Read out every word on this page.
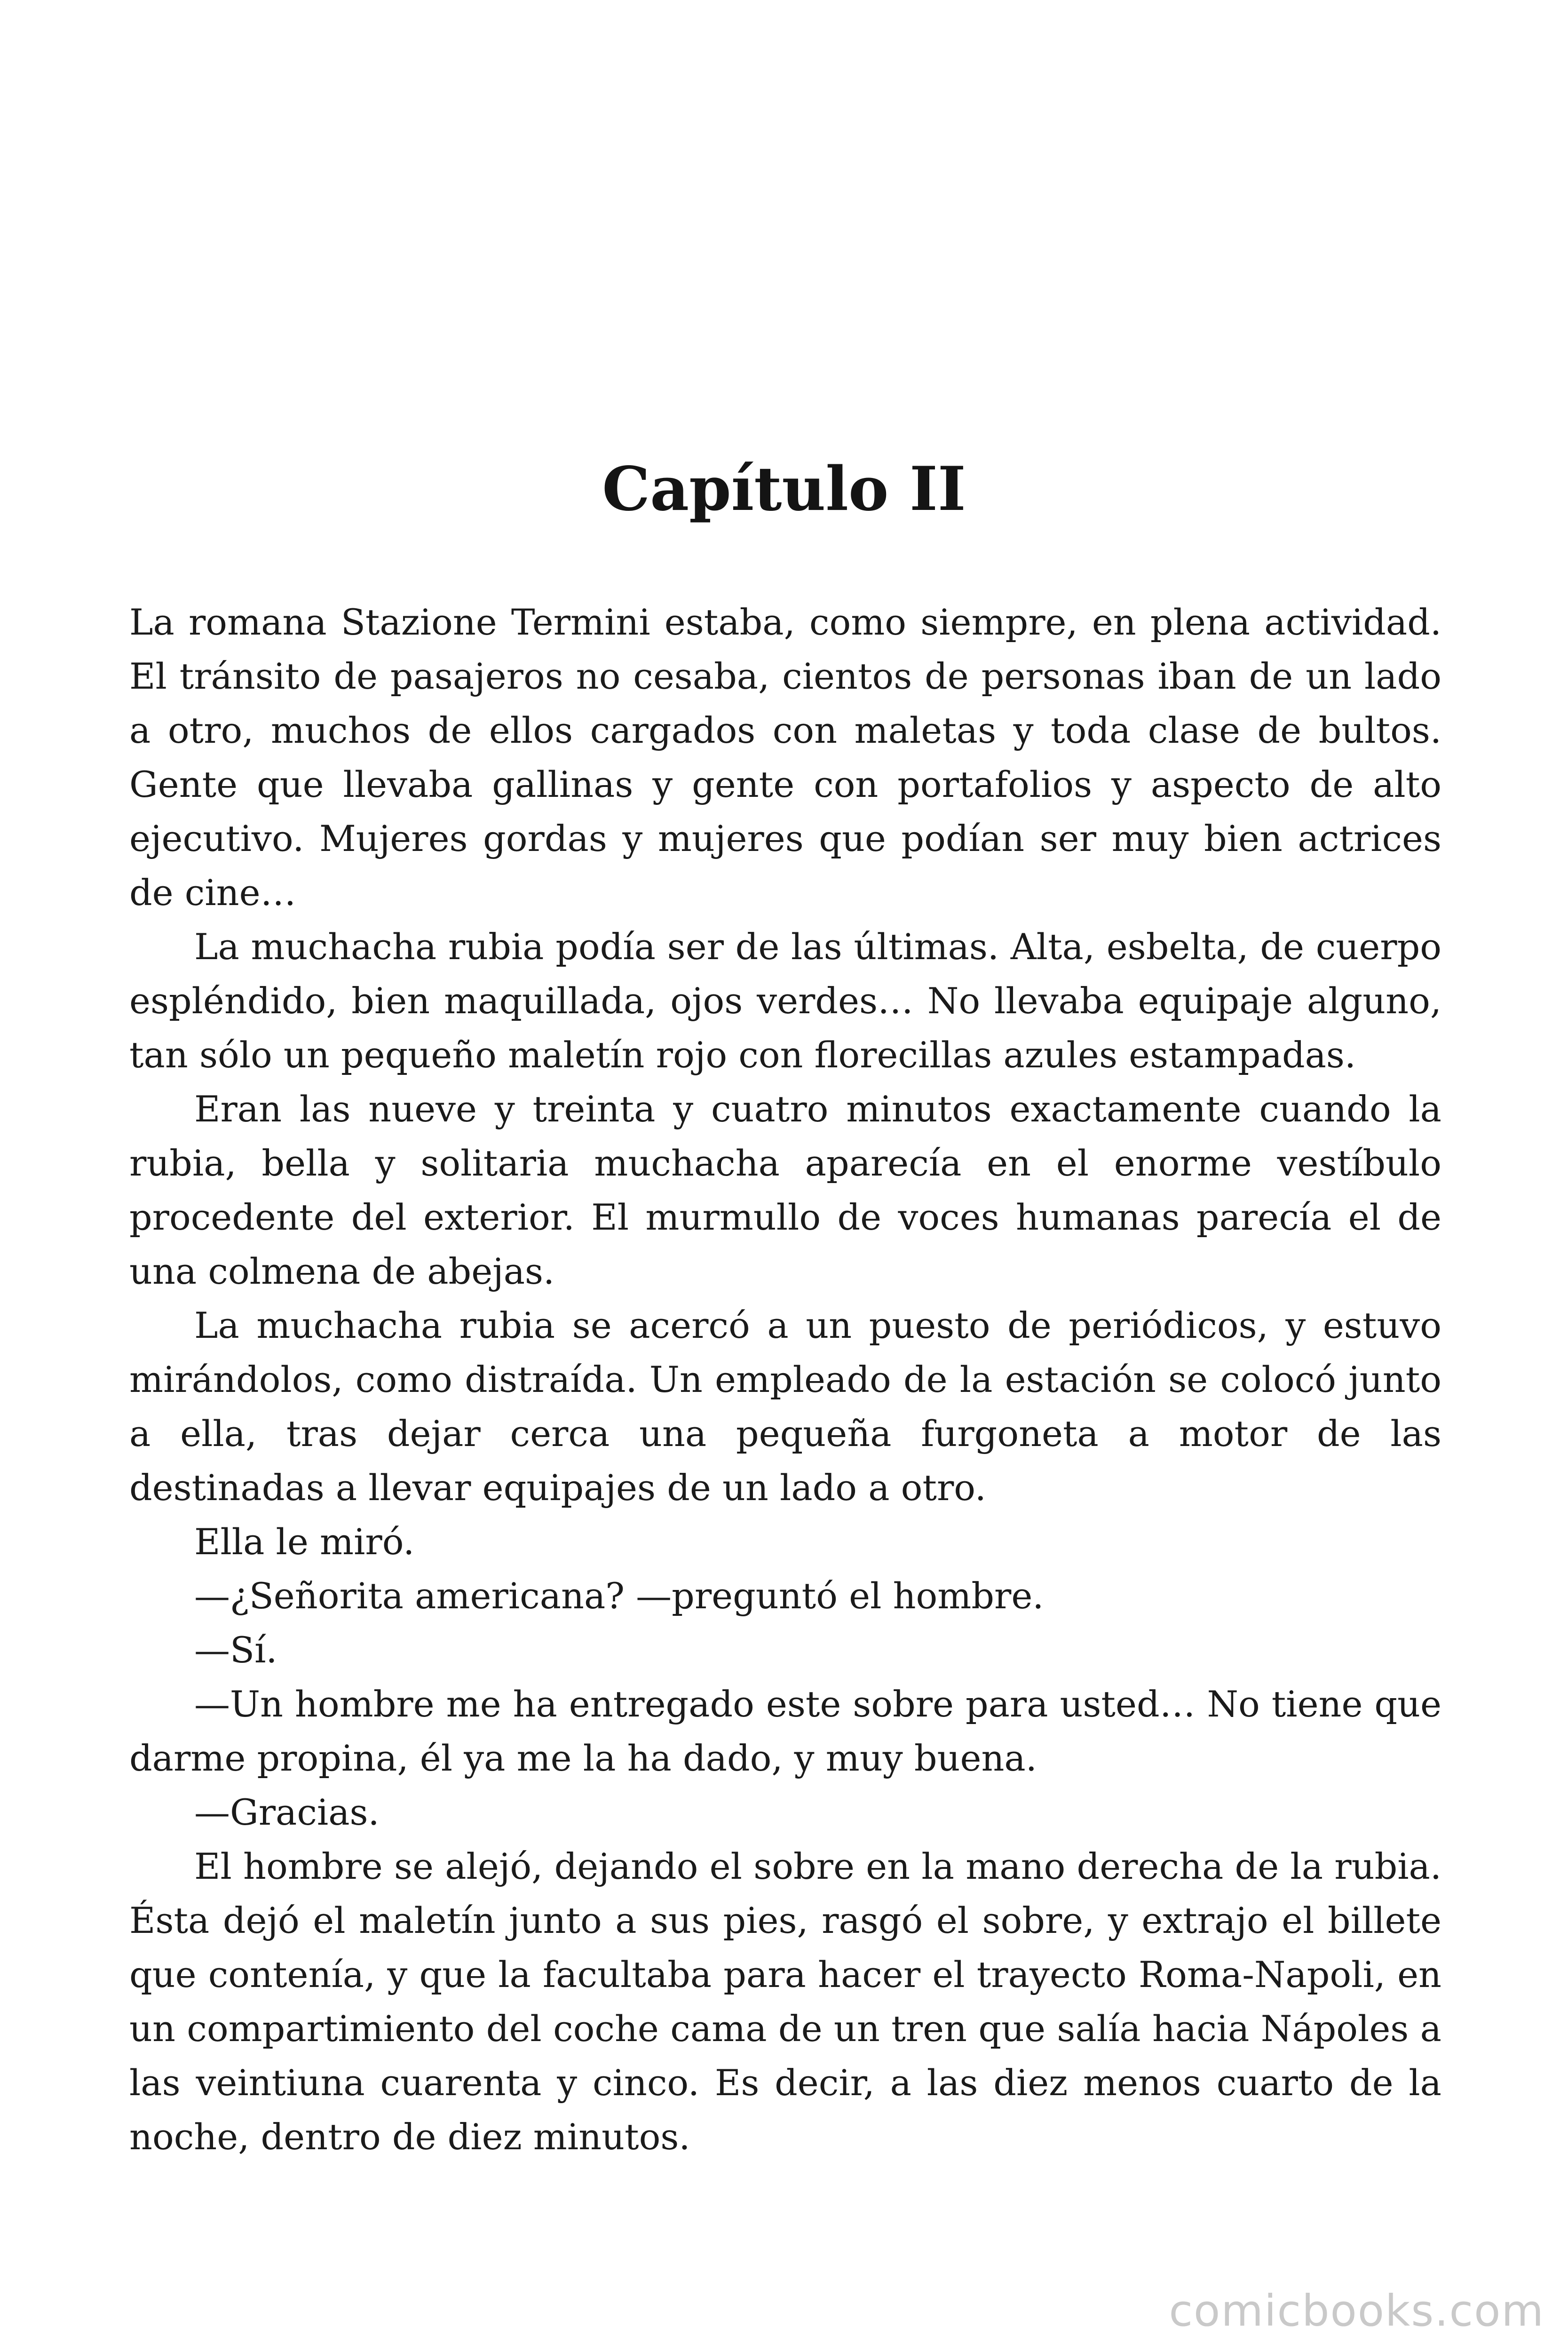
Capítulo II

La romana Stazione Termini estaba, como siempre, en plena actividad. El tránsito de pasajeros no cesaba, cientos de personas iban de un lado a otro, muchos de ellos cargados con maletas y toda clase de bultos. Gente que llevaba gallinas y gente con portafolios y aspecto de alto ejecutivo. Mujeres gordas y mujeres que podían ser muy bien actrices de cine…

La muchacha rubia podía ser de las últimas. Alta, esbelta, de cuerpo espléndido, bien maquillada, ojos verdes… No llevaba equipaje alguno, tan sólo un pequeño maletín rojo con florecillas azules estampadas.

Eran las nueve y treinta y cuatro minutos exactamente cuando la rubia, bella y solitaria muchacha aparecía en el enorme vestíbulo procedente del exterior. El murmullo de voces humanas parecía el de una colmena de abejas.

La muchacha rubia se acercó a un puesto de periódicos, y estuvo mirándolos, como distraída. Un empleado de la estación se colocó junto a ella, tras dejar cerca una pequeña furgoneta a motor de las destinadas a llevar equipajes de un lado a otro.

Ella le miró.

—¿Señorita americana? —preguntó el hombre.

—Sí.

—Un hombre me ha entregado este sobre para usted… No tiene que darme propina, él ya me la ha dado, y muy buena.

—Gracias.

El hombre se alejó, dejando el sobre en la mano derecha de la rubia. Ésta dejó el maletín junto a sus pies, rasgó el sobre, y extrajo el billete que contenía, y que la facultaba para hacer el trayecto Roma-Napoli, en un compartimiento del coche cama de un tren que salía hacia Nápoles a las veintiuna cuarenta y cinco. Es decir, a las diez menos cuarto de la noche, dentro de diez minutos.

comicbooks.com
